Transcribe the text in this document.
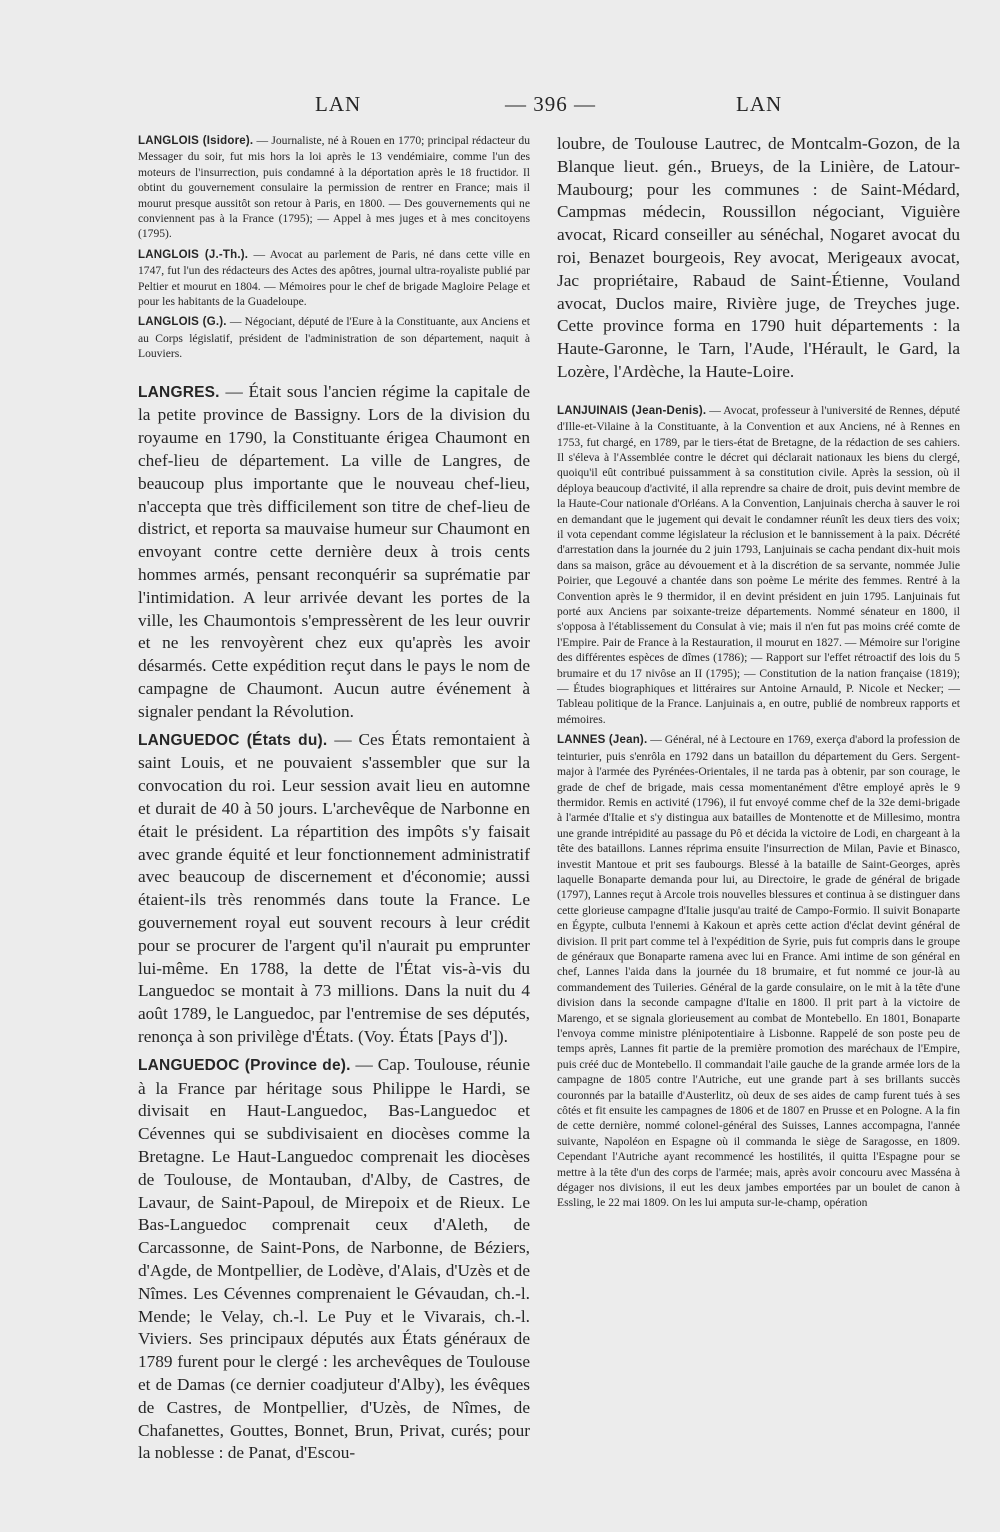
LAN	— 396 —	LAN

LANGLOIS (Isidore). — Journaliste, né à Rouen en 1770; principal rédacteur du Messager du soir, fut mis hors la loi après le 13 vendémiaire, comme l'un des moteurs de l'insurrection, puis condamné à la déportation après le 18 fructidor. Il obtint du gouvernement consulaire la permission de rentrer en France; mais il mourut presque aussitôt son retour à Paris, en 1800. — Des gouvernements qui ne conviennent pas à la France (1795); — Appel à mes juges et à mes concitoyens (1795).

LANGLOIS (J.-Th.). — Avocat au parlement de Paris, né dans cette ville en 1747, fut l'un des rédacteurs des Actes des apôtres, journal ultra-royaliste publié par Peltier et mourut en 1804. — Mémoires pour le chef de brigade Magloire Pelage et pour les habitants de la Guadeloupe.

LANGLOIS (G.). — Négociant, député de l'Eure à la Constituante, aux Anciens et au Corps législatif, président de l'administration de son département, naquit à Louviers.

LANGRES. — Était sous l'ancien régime la capitale de la petite province de Bassigny. Lors de la division du royaume en 1790, la Constituante érigea Chaumont en chef-lieu de département. La ville de Langres, de beaucoup plus importante que le nouveau chef-lieu, n'accepta que très difficilement son titre de chef-lieu de district, et reporta sa mauvaise humeur sur Chaumont en envoyant contre cette dernière deux à trois cents hommes armés, pensant reconquérir sa suprématie par l'intimidation. A leur arrivée devant les portes de la ville, les Chaumontois s'empressèrent de les leur ouvrir et ne les renvoyèrent chez eux qu'après les avoir désarmés. Cette expédition reçut dans le pays le nom de campagne de Chaumont. Aucun autre événement à signaler pendant la Révolution.

LANGUEDOC (États du). — Ces États remontaient à saint Louis, et ne pouvaient s'assembler que sur la convocation du roi. Leur session avait lieu en automne et durait de 40 à 50 jours. L'archevêque de Narbonne en était le président. La répartition des impôts s'y faisait avec grande équité et leur fonctionnement administratif avec beaucoup de discernement et d'économie; aussi étaient-ils très renommés dans toute la France. Le gouvernement royal eut souvent recours à leur crédit pour se procurer de l'argent qu'il n'aurait pu emprunter lui-même. En 1788, la dette de l'État vis-à-vis du Languedoc se montait à 73 millions. Dans la nuit du 4 août 1789, le Languedoc, par l'entremise de ses députés, renonça à son privilège d'États. (Voy. États [Pays d']).

LANGUEDOC (Province de). — Cap. Toulouse, réunie à la France par héritage sous Philippe le Hardi, se divisait en Haut-Languedoc, Bas-Languedoc et Cévennes qui se subdivisaient en diocèses comme la Bretagne. Le Haut-Languedoc comprenait les diocèses de Toulouse, de Montauban, d'Alby, de Castres, de Lavaur, de Saint-Papoul, de Mirepoix et de Rieux. Le Bas-Languedoc comprenait ceux d'Aleth, de Carcassonne, de Saint-Pons, de Narbonne, de Béziers, d'Agde, de Montpellier, de Lodève, d'Alais, d'Uzès et de Nîmes. Les Cévennes comprenaient le Gévaudan, ch.-l. Mende; le Velay, ch.-l. Le Puy et le Vivarais, ch.-l. Viviers. Ses principaux députés aux États généraux de 1789 furent pour le clergé : les archevêques de Toulouse et de Damas (ce dernier coadjuteur d'Alby), les évêques de Castres, de Montpellier, d'Uzès, de Nîmes, de Chafanettes, Gouttes, Bonnet, Brun, Privat, curés; pour la noblesse : de Panat, d'Escou-

loubre, de Toulouse Lautrec, de Montcalm-Gozon, de la Blanque lieut. gén., Brueys, de la Linière, de Latour-Maubourg; pour les communes : de Saint-Médard, Campmas médecin, Roussillon négociant, Viguière avocat, Ricard conseiller au sénéchal, Nogaret avocat du roi, Benazet bourgeois, Rey avocat, Merigeaux avocat, Jac propriétaire, Rabaud de Saint-Étienne, Vouland avocat, Duclos maire, Rivière juge, de Treyches juge. Cette province forma en 1790 huit départements : la Haute-Garonne, le Tarn, l'Aude, l'Hérault, le Gard, la Lozère, l'Ardèche, la Haute-Loire.

LANJUINAIS (Jean-Denis). — Avocat, professeur à l'université de Rennes, député d'Ille-et-Vilaine à la Constituante, à la Convention et aux Anciens, né à Rennes en 1753, fut chargé, en 1789, par le tiers-état de Bretagne, de la rédaction de ses cahiers. Il s'éleva à l'Assemblée contre le décret qui déclarait nationaux les biens du clergé, quoiqu'il eût contribué puissamment à sa constitution civile. Après la session, où il déploya beaucoup d'activité, il alla reprendre sa chaire de droit, puis devint membre de la Haute-Cour nationale d'Orléans. A la Convention, Lanjuinais chercha à sauver le roi en demandant que le jugement qui devait le condamner réunît les deux tiers des voix; il vota cependant comme législateur la réclusion et le bannissement à la paix. Décrété d'arrestation dans la journée du 2 juin 1793, Lanjuinais se cacha pendant dix-huit mois dans sa maison, grâce au dévouement et à la discrétion de sa servante, nommée Julie Poirier, que Legouvé a chantée dans son poème Le mérite des femmes. Rentré à la Convention après le 9 thermidor, il en devint président en juin 1795. Lanjuinais fut porté aux Anciens par soixante-treize départements. Nommé sénateur en 1800, il s'opposa à l'établissement du Consulat à vie; mais il n'en fut pas moins créé comte de l'Empire. Pair de France à la Restauration, il mourut en 1827. — Mémoire sur l'origine des différentes espèces de dîmes (1786); — Rapport sur l'effet rétroactif des lois du 5 brumaire et du 17 nivôse an II (1795); — Constitution de la nation française (1819); — Études biographiques et littéraires sur Antoine Arnauld, P. Nicole et Necker; — Tableau politique de la France. Lanjuinais a, en outre, publié de nombreux rapports et mémoires.

LANNES (Jean). — Général, né à Lectoure en 1769, exerça d'abord la profession de teinturier, puis s'enrôla en 1792 dans un bataillon du département du Gers. Sergent-major à l'armée des Pyrénées-Orientales, il ne tarda pas à obtenir, par son courage, le grade de chef de brigade, mais cessa momentanément d'être employé après le 9 thermidor. Remis en activité (1796), il fut envoyé comme chef de la 32e demi-brigade à l'armée d'Italie et s'y distingua aux batailles de Montenotte et de Millesimo, montra une grande intrépidité au passage du Pô et décida la victoire de Lodi, en chargeant à la tête des bataillons. Lannes réprima ensuite l'insurrection de Milan, Pavie et Binasco, investit Mantoue et prit ses faubourgs. Blessé à la bataille de Saint-Georges, après laquelle Bonaparte demanda pour lui, au Directoire, le grade de général de brigade (1797), Lannes reçut à Arcole trois nouvelles blessures et continua à se distinguer dans cette glorieuse campagne d'Italie jusqu'au traité de Campo-Formio. Il suivit Bonaparte en Égypte, culbuta l'ennemi à Kakoun et après cette action d'éclat devint général de division. Il prit part comme tel à l'expédition de Syrie, puis fut compris dans le groupe de généraux que Bonaparte ramena avec lui en France. Ami intime de son général en chef, Lannes l'aida dans la journée du 18 brumaire, et fut nommé ce jour-là au commandement des Tuileries. Général de la garde consulaire, on le mit à la tête d'une division dans la seconde campagne d'Italie en 1800. Il prit part à la victoire de Marengo, et se signala glorieusement au combat de Montebello. En 1801, Bonaparte l'envoya comme ministre plénipotentiaire à Lisbonne. Rappelé de son poste peu de temps après, Lannes fit partie de la première promotion des maréchaux de l'Empire, puis créé duc de Montebello. Il commandait l'aile gauche de la grande armée lors de la campagne de 1805 contre l'Autriche, eut une grande part à ses brillants succès couronnés par la bataille d'Austerlitz, où deux de ses aides de camp furent tués à ses côtés et fit ensuite les campagnes de 1806 et de 1807 en Prusse et en Pologne. A la fin de cette dernière, nommé colonel-général des Suisses, Lannes accompagna, l'année suivante, Napoléon en Espagne où il commanda le siège de Saragosse, en 1809. Cependant l'Autriche ayant recommencé les hostilités, il quitta l'Espagne pour se mettre à la tête d'un des corps de l'armée; mais, après avoir concouru avec Masséna à dégager nos divisions, il eut les deux jambes emportées par un boulet de canon à Essling, le 22 mai 1809. On les lui amputa sur-le-champ, opération
